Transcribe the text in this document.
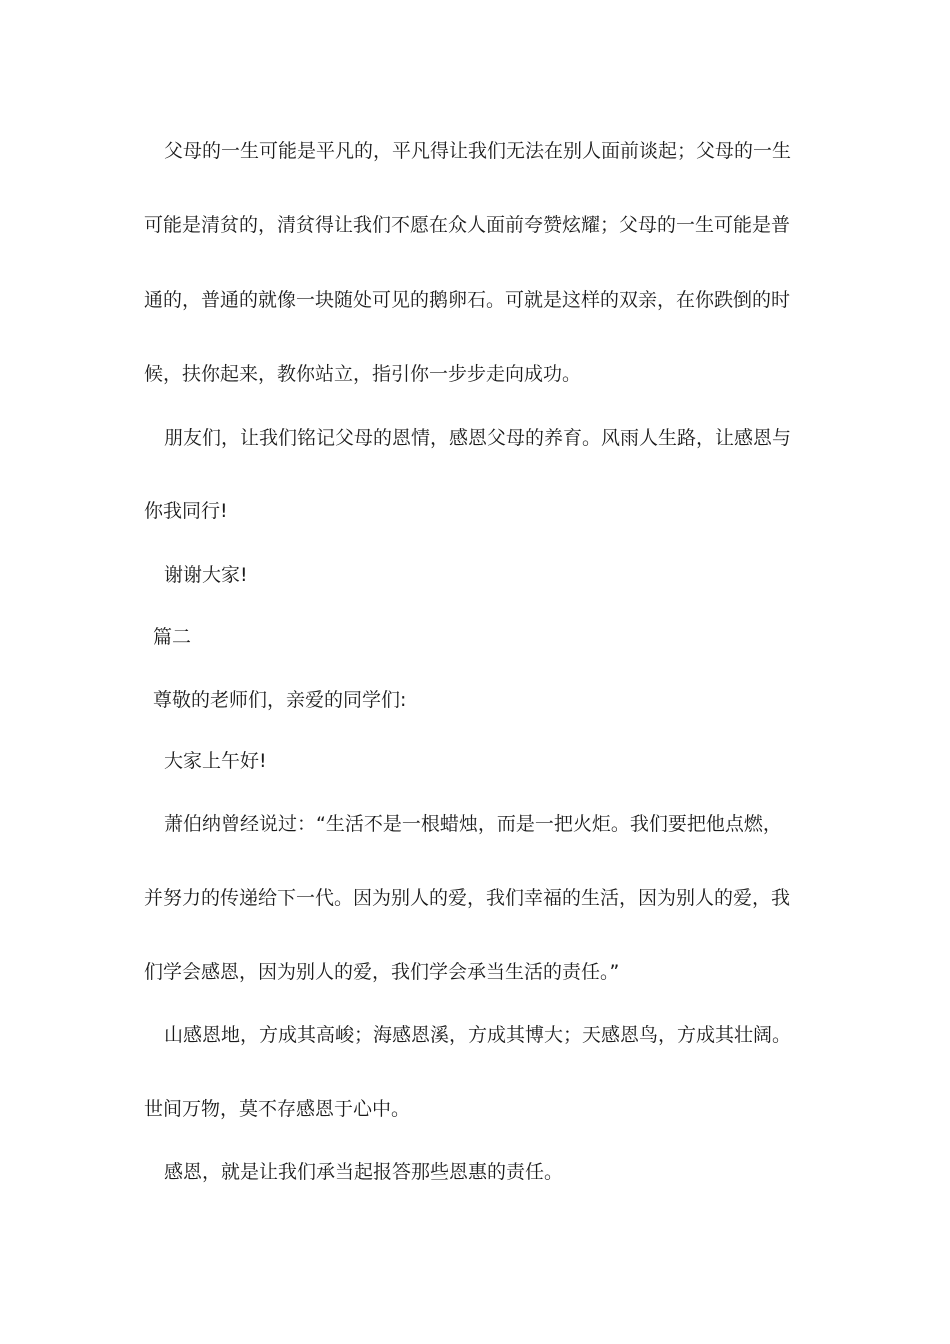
父母的一生可能是平凡的，平凡得让我们无法在别人面前谈起；父母的一生
可能是清贫的，清贫得让我们不愿在众人面前夸赞炫耀；父母的一生可能是普
通的，普通的就像一块随处可见的鹅卵石。可就是这样的双亲，在你跌倒的时
候，扶你起来，教你站立，指引你一步步走向成功。
朋友们，让我们铭记父母的恩情，感恩父母的养育。风雨人生路，让感恩与
你我同行!
谢谢大家!
篇二
尊敬的老师们，亲爱的同学们:
大家上午好!
萧伯纳曾经说过：“生活不是一根蜡烛，而是一把火炬。我们要把他点燃，
并努力的传递给下一代。因为别人的爱，我们幸福的生活，因为别人的爱，我
们学会感恩，因为别人的爱，我们学会承当生活的责任。”
山感恩地，方成其高峻；海感恩溪，方成其博大；天感恩鸟，方成其壮阔。
世间万物，莫不存感恩于心中。
感恩，就是让我们承当起报答那些恩惠的责任。
